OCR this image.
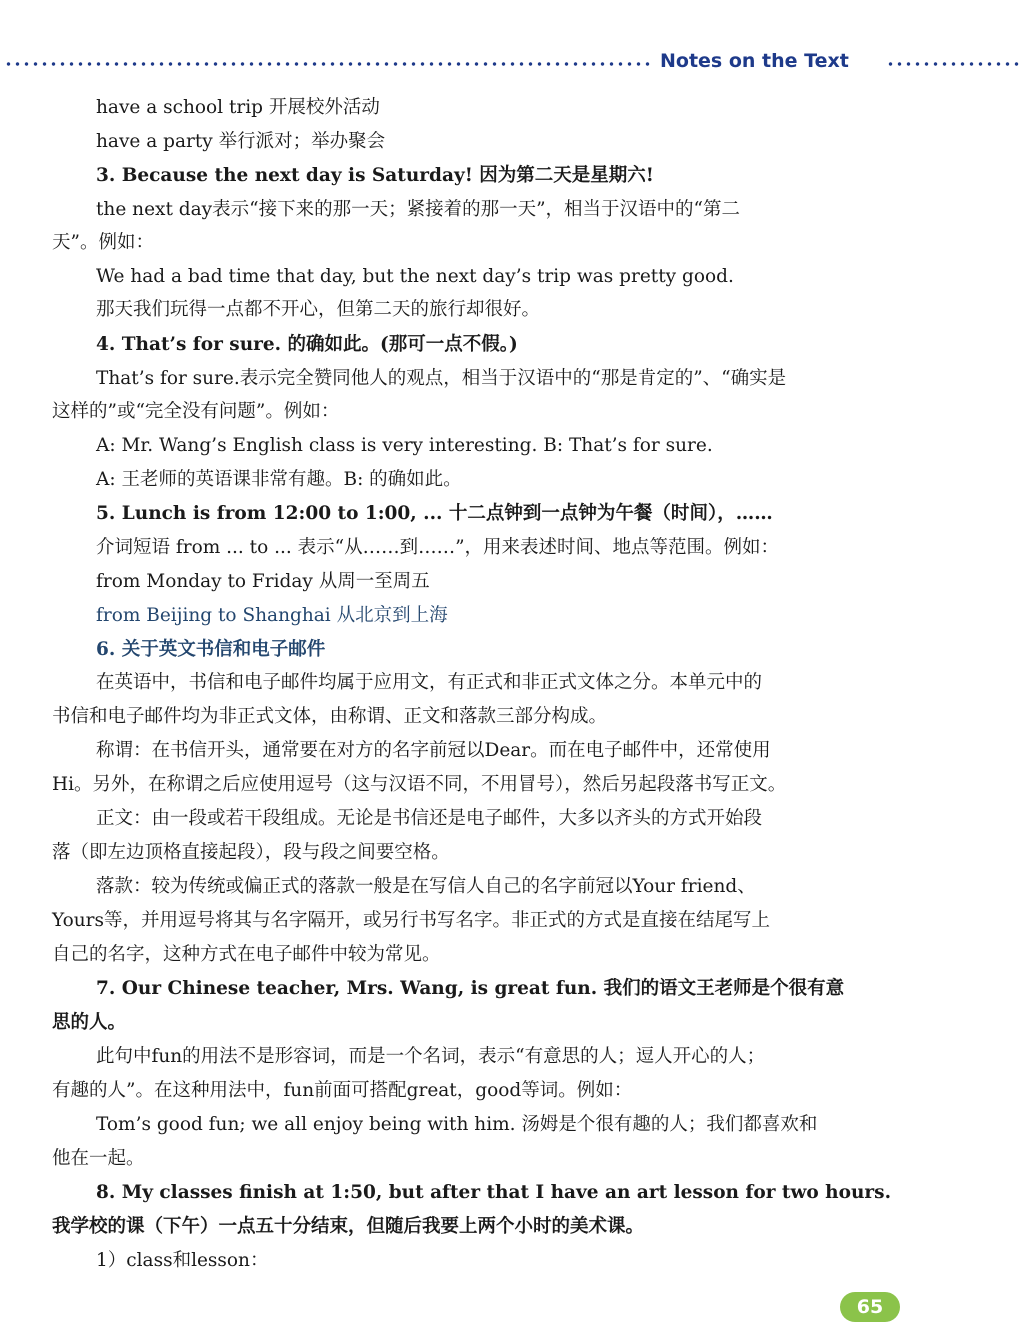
Notes on the Text
have a school trip 开展校外活动
have a party 举行派对；举办聚会
3. Because the next day is Saturday! 因为第二天是星期六!
the next day表示“接下来的那一天；紧接着的那一天”，相当于汉语中的“第二
天”。例如：
We had a bad time that day, but the next day’s trip was pretty good.
那天我们玩得一点都不开心，但第二天的旅行却很好。
4. That’s for sure. 的确如此。(那可一点不假。)
That’s for sure.表示完全赞同他人的观点，相当于汉语中的“那是肯定的”、“确实是
这样的”或“完全没有问题”。例如：
A: Mr. Wang’s English class is very interesting. B: That’s for sure.
A: 王老师的英语课非常有趣。B: 的确如此。
5. Lunch is from 12:00 to 1:00, ... 十二点钟到一点钟为午餐（时间），……
介词短语 from ... to ... 表示“从……到……”，用来表述时间、地点等范围。例如：
from Monday to Friday 从周一至周五
from Beijing to Shanghai 从北京到上海
6. 关于英文书信和电子邮件
在英语中，书信和电子邮件均属于应用文，有正式和非正式文体之分。本单元中的
书信和电子邮件均为非正式文体，由称谓、正文和落款三部分构成。
称谓：在书信开头，通常要在对方的名字前冠以Dear。而在电子邮件中，还常使用
Hi。另外，在称谓之后应使用逗号（这与汉语不同，不用冒号），然后另起段落书写正文。
正文：由一段或若干段组成。无论是书信还是电子邮件，大多以齐头的方式开始段
落（即左边顶格直接起段），段与段之间要空格。
落款：较为传统或偏正式的落款一般是在写信人自己的名字前冠以Your friend、
Yours等，并用逗号将其与名字隔开，或另行书写名字。非正式的方式是直接在结尾写上
自己的名字，这种方式在电子邮件中较为常见。
7. Our Chinese teacher, Mrs. Wang, is great fun. 我们的语文王老师是个很有意
思的人。
此句中fun的用法不是形容词，而是一个名词，表示“有意思的人；逗人开心的人；
有趣的人”。在这种用法中，fun前面可搭配great，good等词。例如：
Tom’s good fun; we all enjoy being with him. 汤姆是个很有趣的人；我们都喜欢和
他在一起。
8. My classes finish at 1:50, but after that I have an art lesson for two hours.
我学校的课（下午）一点五十分结束，但随后我要上两个小时的美术课。
1）class和lesson：
65
